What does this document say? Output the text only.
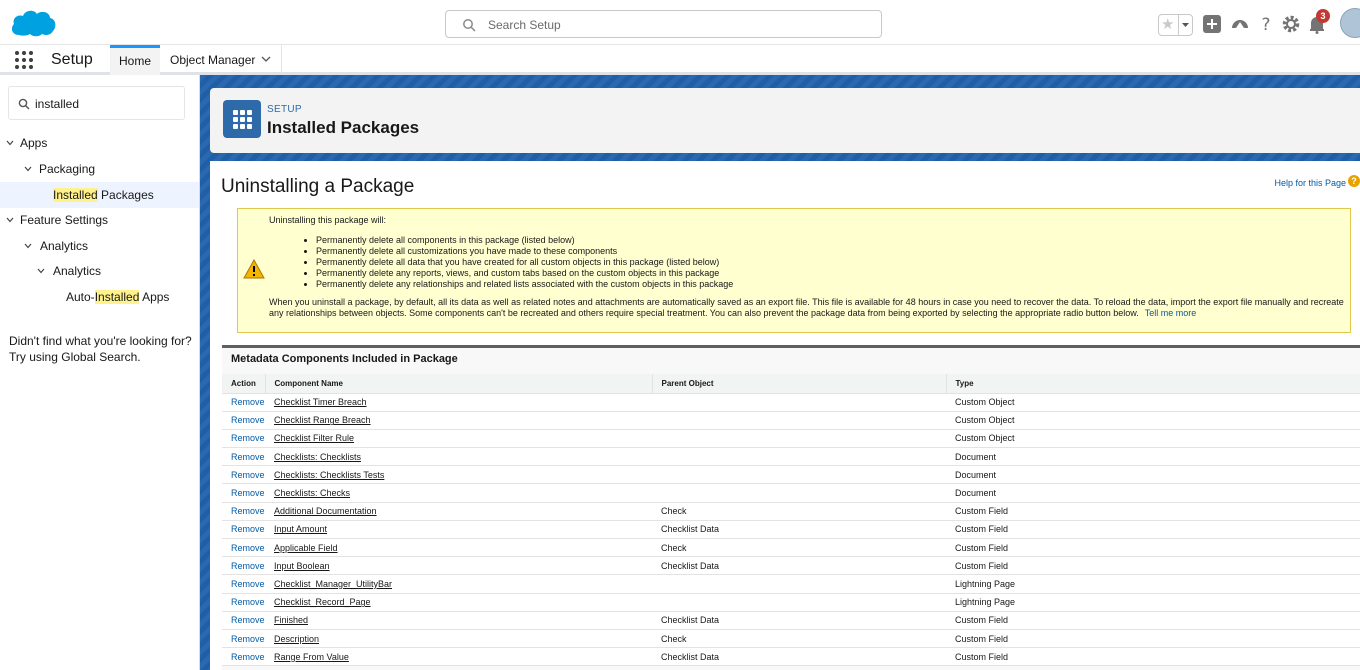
Search Setup	★	?	3
Setup	Home	Object Manager
installed
Apps
Packaging
Installed Packages
Feature Settings
Analytics
Analytics
Auto-Installed Apps
Didn't find what you're looking for? Try using Global Search.
SETUP
Installed Packages
Uninstalling a Package	Help for this Page ?
Uninstalling this package will:
• Permanently delete all components in this package (listed below)
• Permanently delete all customizations you have made to these components
• Permanently delete all data that you have created for all custom objects in this package (listed below)
• Permanently delete any reports, views, and custom tabs based on the custom objects in this package
• Permanently delete any relationships and related lists associated with the custom objects in this package
When you uninstall a package, by default, all its data as well as related notes and attachments are automatically saved as an export file. This file is available for 48 hours in case you need to recover the data. To reload the data, import the export file manually and recreate any relationships between objects. Some components can't be recreated and others require special treatment. You can also prevent the package data from being exported by selecting the appropriate radio button below. Tell me more
Metadata Components Included in Package
Action	Component Name	Parent Object	Type
Remove	Checklist Timer Breach		Custom Object
Remove	Checklist Range Breach		Custom Object
Remove	Checklist Filter Rule		Custom Object
Remove	Checklists: Checklists		Document
Remove	Checklists: Checklists Tests		Document
Remove	Checklists: Checks		Document
Remove	Additional Documentation	Check	Custom Field
Remove	Input Amount	Checklist Data	Custom Field
Remove	Applicable Field	Check	Custom Field
Remove	Input Boolean	Checklist Data	Custom Field
Remove	Checklist_Manager_UtilityBar		Lightning Page
Remove	Checklist_Record_Page		Lightning Page
Remove	Finished	Checklist Data	Custom Field
Remove	Description	Check	Custom Field
Remove	Range From Value	Checklist Data	Custom Field
